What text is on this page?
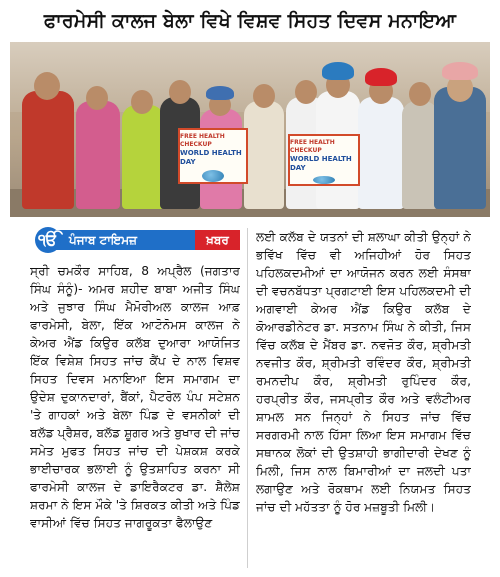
ਫਾਰਮੇਸੀ ਕਾਲਜ ਬੇਲਾ ਵਿਖੇ ਵਿਸ਼ਵ ਸਿਹਤ ਦਿਵਸ ਮਨਾਇਆ
FREE HEALTH CHECKUP
WORLD HEALTH DAY
FREE HEALTH CHECKUP
WORLD HEALTH DAY
ਪੰਜਾਬ ਟਾਇਮਜ਼
ੴ	ਖ਼ਬਰ
ਸ੍ਰੀ ਚਮਕੌਰ ਸਾਹਿਬ, 8 ਅਪ੍ਰੈਲ (ਜਗਤਾਰ ਸਿੰਘ ਸੰਨੂੰ)- ਅਮਰ ਸ਼ਹੀਦ ਬਾਬਾ ਅਜੀਤ ਸਿੰਘ ਅਤੇ ਜੁਝਾਰ ਸਿੰਘ ਮੈਮੋਰੀਅਲ ਕਾਲਜ ਆਫ਼ ਫਾਰਮੇਸੀ, ਬੇਲਾ, ਇੱਕ ਆਟੋਨੋਮਸ ਕਾਲਜ ਨੇ ਕੇਅਰ ਐਂਡ ਕਿਉਰ ਕਲੱਬ ਦੁਆਰਾ ਆਯੋਜਿਤ ਇੱਕ ਵਿਸ਼ੇਸ਼ ਸਿਹਤ ਜਾਂਚ ਕੈਂਪ ਦੇ ਨਾਲ ਵਿਸ਼ਵ ਸਿਹਤ ਦਿਵਸ ਮਨਾਇਆ ਇਸ ਸਮਾਗਮ ਦਾ ਉਦੇਸ਼ ਦੁਕਾਨਦਾਰਾਂ, ਬੈਂਕਾਂ, ਪੈਟਰੋਲ ਪੰਪ ਸਟੇਸ਼ਨ 'ਤੇ ਗਾਹਕਾਂ ਅਤੇ ਬੇਲਾ ਪਿੰਡ ਦੇ ਵਸਨੀਕਾਂ ਦੀ ਬਲੱਡ ਪ੍ਰੈਸ਼ਰ, ਬਲੱਡ ਸ਼ੂਗਰ ਅਤੇ ਬੁਖਾਰ ਦੀ ਜਾਂਚ ਸਮੇਤ ਮੁਫਤ ਸਿਹਤ ਜਾਂਚ ਦੀ ਪੇਸ਼ਕਸ਼ ਕਰਕੇ ਭਾਈਚਾਰਕ ਭਲਾਈ ਨੂੰ ਉਤਸ਼ਾਹਿਤ ਕਰਨਾ ਸੀ ਫਾਰਮੇਸੀ ਕਾਲਜ ਦੇ ਡਾਇਰੈਕਟਰ ਡਾ. ਸ਼ੈਲੇਸ਼ ਸ਼ਰਮਾ ਨੇ ਇਸ ਮੌਕੇ 'ਤੇ ਸ਼ਿਰਕਤ ਕੀਤੀ ਅਤੇ ਪਿੰਡ ਵਾਸੀਆਂ ਵਿੱਚ ਸਿਹਤ ਜਾਗਰੂਕਤਾ ਫੈਲਾਉਣ
ਲਈ ਕਲੱਬ ਦੇ ਯਤਨਾਂ ਦੀ ਸ਼ਲਾਘਾ ਕੀਤੀ ਉਨ੍ਹਾਂ ਨੇ ਭਵਿੱਖ ਵਿੱਚ ਵੀ ਅਜਿਹੀਆਂ ਹੋਰ ਸਿਹਤ ਪਹਿਲਕਦਮੀਆਂ ਦਾ ਆਯੋਜਨ ਕਰਨ ਲਈ ਸੰਸਥਾ ਦੀ ਵਚਨਬੱਧਤਾ ਪ੍ਰਗਟਾਈ ਇਸ ਪਹਿਲਕਦਮੀ ਦੀ ਅਗਵਾਈ ਕੇਅਰ ਐਂਡ ਕਿਉਰ ਕਲੱਬ ਦੇ ਕੋਆਰਡੀਨੇਟਰ ਡਾ. ਸਤਨਾਮ ਸਿੰਘ ਨੇ ਕੀਤੀ, ਜਿਸ ਵਿੱਚ ਕਲੱਬ ਦੇ ਮੈਂਬਰ ਡਾ. ਨਵਜੋਤ ਕੌਰ, ਸ਼੍ਰੀਮਤੀ ਨਵਜੀਤ ਕੌਰ, ਸ਼੍ਰੀਮਤੀ ਰਵਿੰਦਰ ਕੌਰ, ਸ਼੍ਰੀਮਤੀ ਰਮਨਦੀਪ ਕੌਰ, ਸ਼੍ਰੀਮਤੀ ਰੁਪਿੰਦਰ ਕੌਰ, ਹਰਪ੍ਰੀਤ ਕੌਰ, ਜਸਪ੍ਰੀਤ ਕੌਰ ਅਤੇ ਵਲੰਟੀਅਰ ਸ਼ਾਮਲ ਸਨ ਜਿਨ੍ਹਾਂ ਨੇ ਸਿਹਤ ਜਾਂਚ ਵਿੱਚ ਸਰਗਰਮੀ ਨਾਲ ਹਿੱਸਾ ਲਿਆ ਇਸ ਸਮਾਗਮ ਵਿੱਚ ਸਥਾਨਕ ਲੋਕਾਂ ਦੀ ਉਤਸ਼ਾਹੀ ਭਾਗੀਦਾਰੀ ਦੇਖਣ ਨੂੰ ਮਿਲੀ, ਜਿਸ ਨਾਲ ਬਿਮਾਰੀਆਂ ਦਾ ਜਲਦੀ ਪਤਾ ਲਗਾਉਣ ਅਤੇ ਰੋਕਥਾਮ ਲਈ ਨਿਯਮਤ ਸਿਹਤ ਜਾਂਚ ਦੀ ਮਹੱਤਤਾ ਨੂੰ ਹੋਰ ਮਜ਼ਬੂਤੀ ਮਿਲੀ।
